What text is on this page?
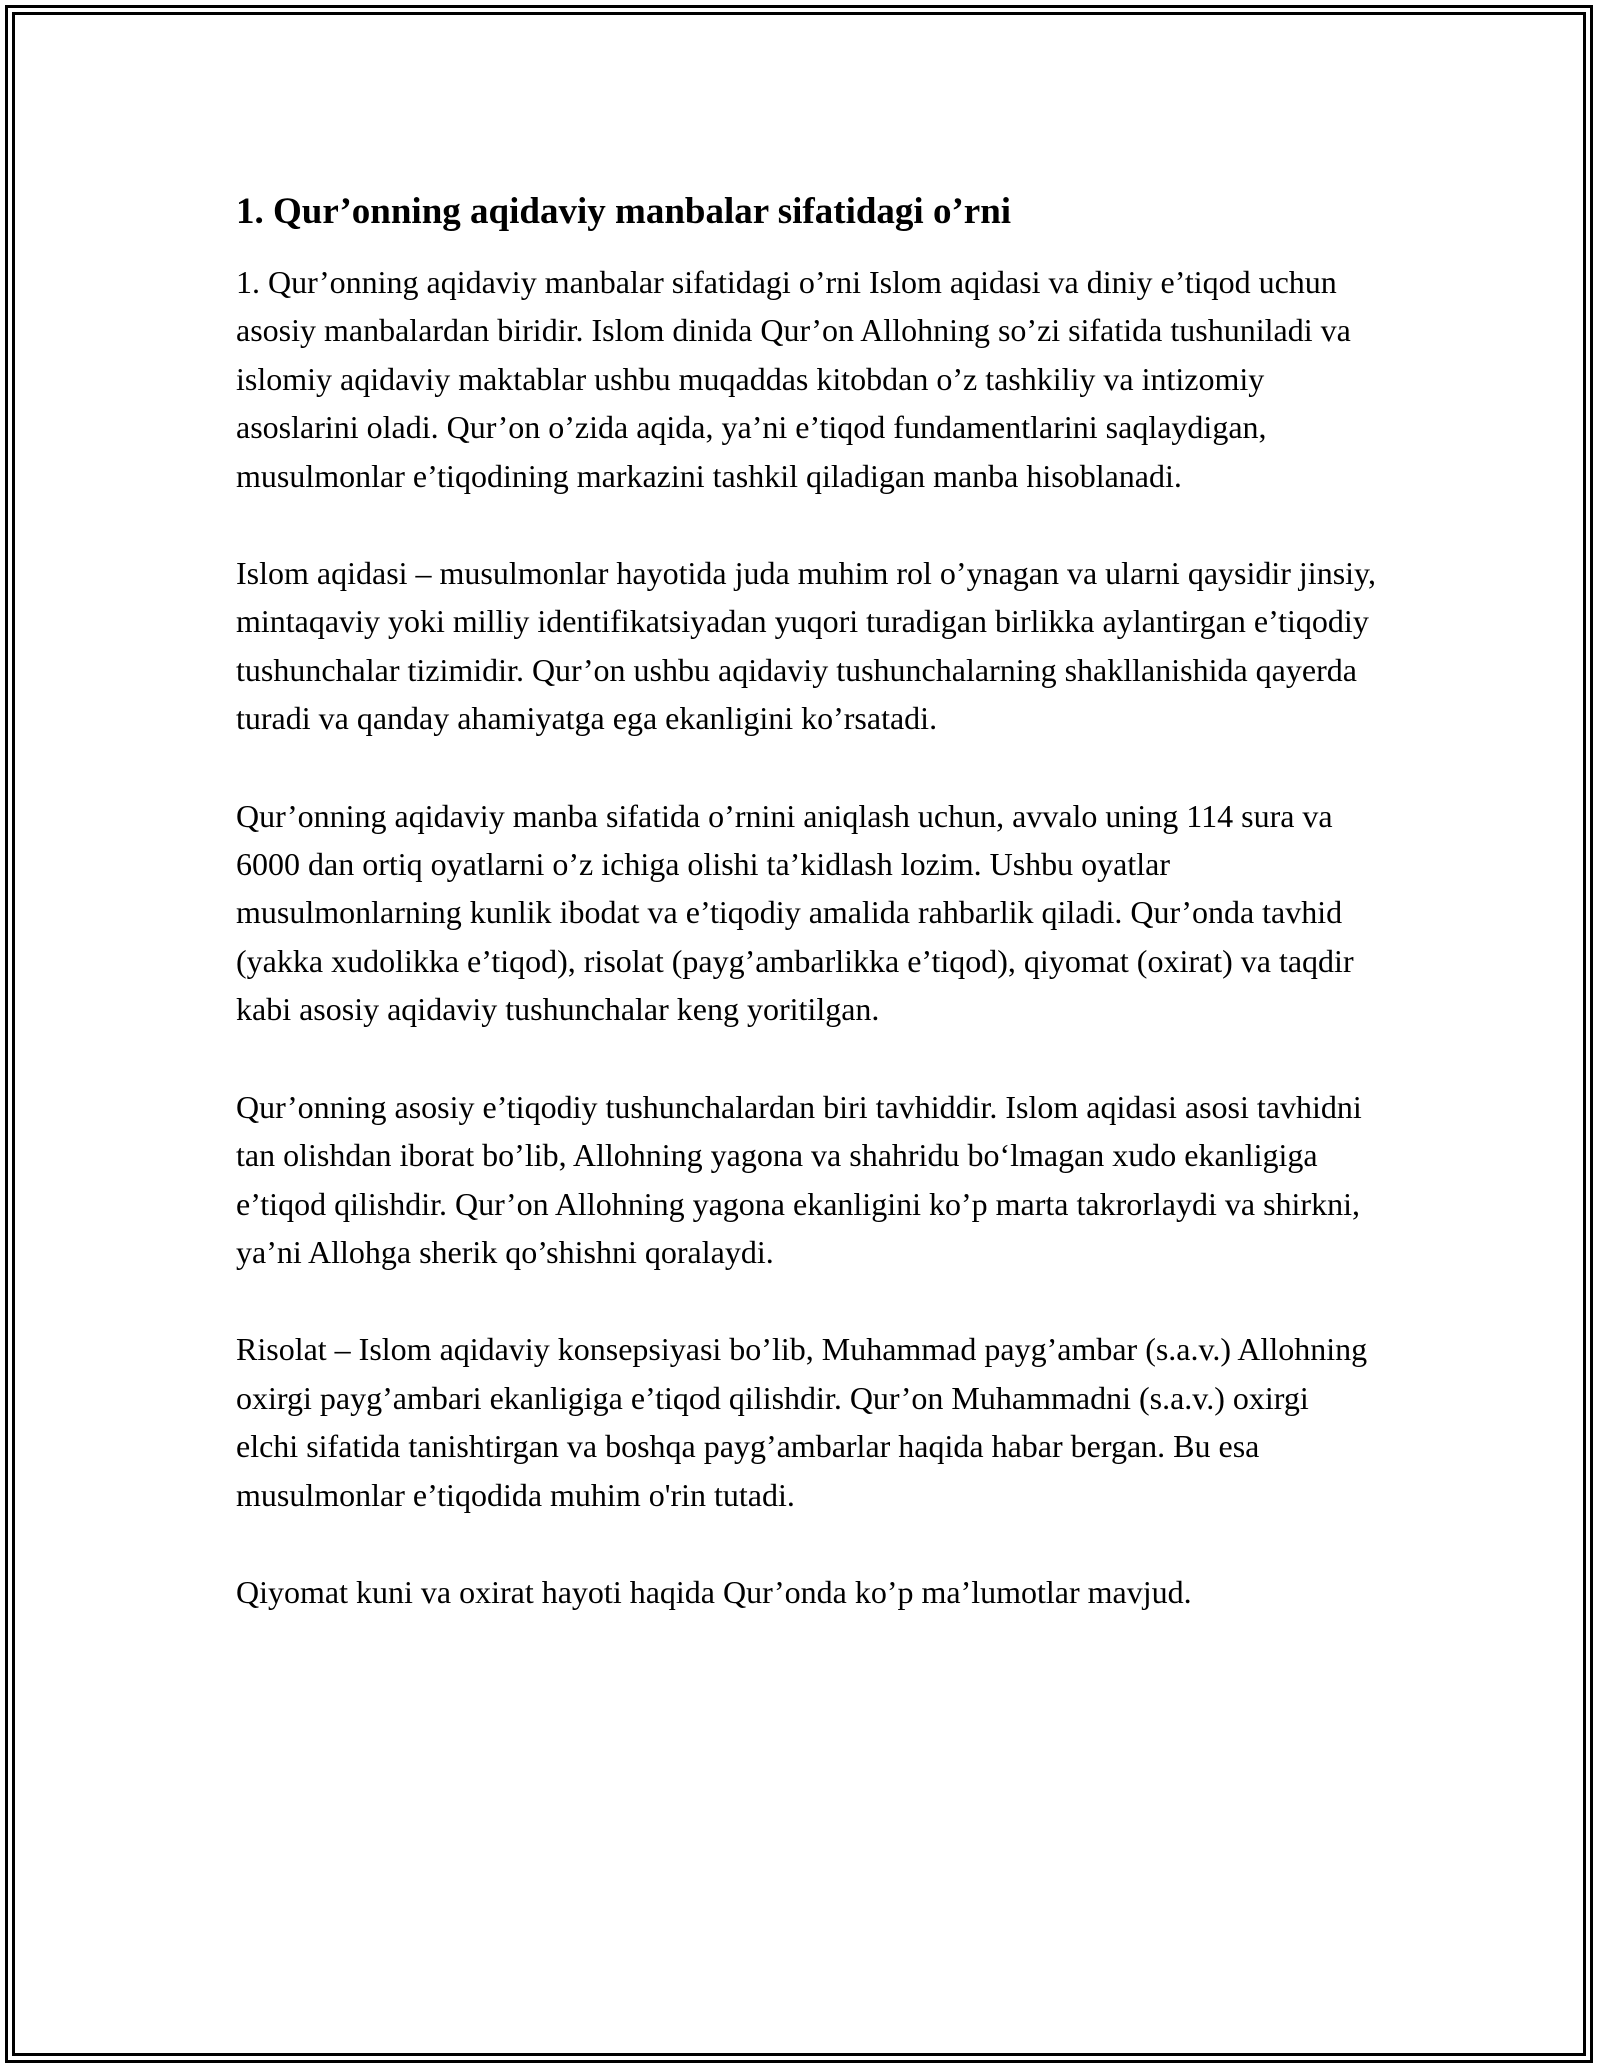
1. Qur’onning aqidaviy manbalar sifatidagi o’rni

1. Qur’onning aqidaviy manbalar sifatidagi o’rni Islom aqidasi va diniy e’tiqod uchun asosiy manbalardan biridir. Islom dinida Qur’on Allohning so’zi sifatida tushuniladi va islomiy aqidaviy maktablar ushbu muqaddas kitobdan o’z tashkiliy va intizomiy asoslarini oladi. Qur’on o’zida aqida, ya’ni e’tiqod fundamentlarini saqlaydigan, musulmonlar e’tiqodining markazini tashkil qiladigan manba hisoblanadi.

Islom aqidasi – musulmonlar hayotida juda muhim rol o’ynagan va ularni qaysidir jinsiy, mintaqaviy yoki milliy identifikatsiyadan yuqori turadigan birlikka aylantirgan e’tiqodiy tushunchalar tizimidir. Qur’on ushbu aqidaviy tushunchalarning shakllanishida qayerda turadi va qanday ahamiyatga ega ekanligini ko’rsatadi.

Qur’onning aqidaviy manba sifatida o’rnini aniqlash uchun, avvalo uning 114 sura va 6000 dan ortiq oyatlarni o’z ichiga olishi ta’kidlash lozim. Ushbu oyatlar musulmonlarning kunlik ibodat va e’tiqodiy amalida rahbarlik qiladi. Qur’onda tavhid (yakka xudolikka e’tiqod), risolat (payg’ambarlikka e’tiqod), qiyomat (oxirat) va taqdir kabi asosiy aqidaviy tushunchalar keng yoritilgan.

Qur’onning asosiy e’tiqodiy tushunchalardan biri tavhiddir. Islom aqidasi asosi tavhidni tan olishdan iborat bo’lib, Allohning yagona va shahridu bo‘lmagan xudo ekanligiga e’tiqod qilishdir. Qur’on Allohning yagona ekanligini ko’p marta takrorlaydi va shirkni, ya’ni Allohga sherik qo’shishni qoralaydi.

Risolat – Islom aqidaviy konsepsiyasi bo’lib, Muhammad payg’ambar (s.a.v.) Allohning oxirgi payg’ambari ekanligiga e’tiqod qilishdir. Qur’on Muhammadni (s.a.v.) oxirgi elchi sifatida tanishtirgan va boshqa payg’ambarlar haqida habar bergan. Bu esa musulmonlar e’tiqodida muhim o'rin tutadi.

Qiyomat kuni va oxirat hayoti haqida Qur’onda ko’p ma’lumotlar mavjud.
